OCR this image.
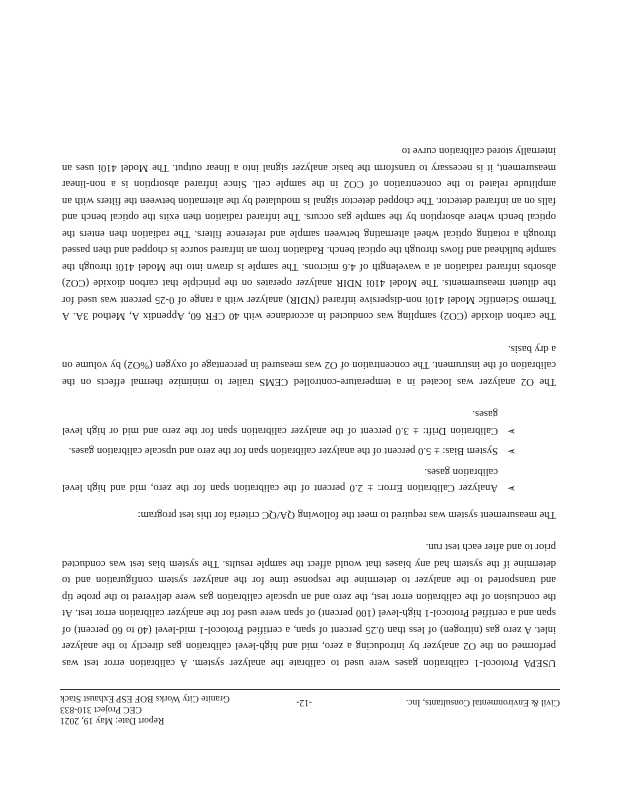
Civil & Environmental Consultants, Inc.
-12-
Report Date: May 19, 2021
CEC Project 310-833
Granite City Works BOF ESP Exhaust Stack

USEPA Protocol-1 calibration gases were used to calibrate the analyzer system. A calibration error test was performed on the O2 analyzer by introducing a zero, mid and high-level calibration gas directly to the analyzer inlet. A zero gas (nitrogen) of less than 0.25 percent of span, a certified Protocol-1 mid-level (40 to 60 percent) of span and a certified Protocol-1 high-level (100 percent) of span were used for the analyzer calibration error test. At the conclusion of the calibration error test, the zero and an upscale calibration gas were delivered to the probe tip and transported to the analyzer to determine the response time for the analyzer system configuration and to determine if the system had any biases that would affect the sample results. The system bias test was conducted prior to and after each test run.

The measurement system was required to meet the following QA/QC criteria for this test program:

➢
Analyzer Calibration Error: ± 2.0 percent of the calibration span for the zero, mid and high level calibration gases.
➢
System Bias: ± 5.0 percent of the analyzer calibration span for the zero and upscale calibration gases.
➢
Calibration Drift: ± 3.0 percent of the analyzer calibration span for the zero and mid or high level gases.

The O2 analyzer was located in a temperature-controlled CEMS trailer to minimize thermal effects on the calibration of the instrument. The concentration of O2 was measured in percentage of oxygen (%O2) by volume on a dry basis.

The carbon dioxide (CO2) sampling was conducted in accordance with 40 CFR 60, Appendix A, Method 3A. A Thermo Scientific Model 410i non-dispersive infrared (NDIR) analyzer with a range of 0-25 percent was used for the diluent measurements. The Model 410i NDIR analyzer operates on the principle that carbon dioxide (CO2) absorbs infrared radiation at a wavelength of 4.6 microns. The sample is drawn into the Model 410i through the sample bulkhead and flows through the optical bench. Radiation from an infrared source is chopped and then passed through a rotating optical wheel alternating between sample and reference filters. The radiation then enters the optical bench where absorption by the sample gas occurs. The infrared radiation then exits the optical bench and falls on an infrared detector. The chopped detector signal is modulated by the alternation between the filters with an amplitude related to the concentration of CO2 in the sample cell. Since infrared absorption is a non-linear measurement, it is necessary to transform the basic analyzer signal into a linear output. The Model 410i uses an internally stored calibration curve to
